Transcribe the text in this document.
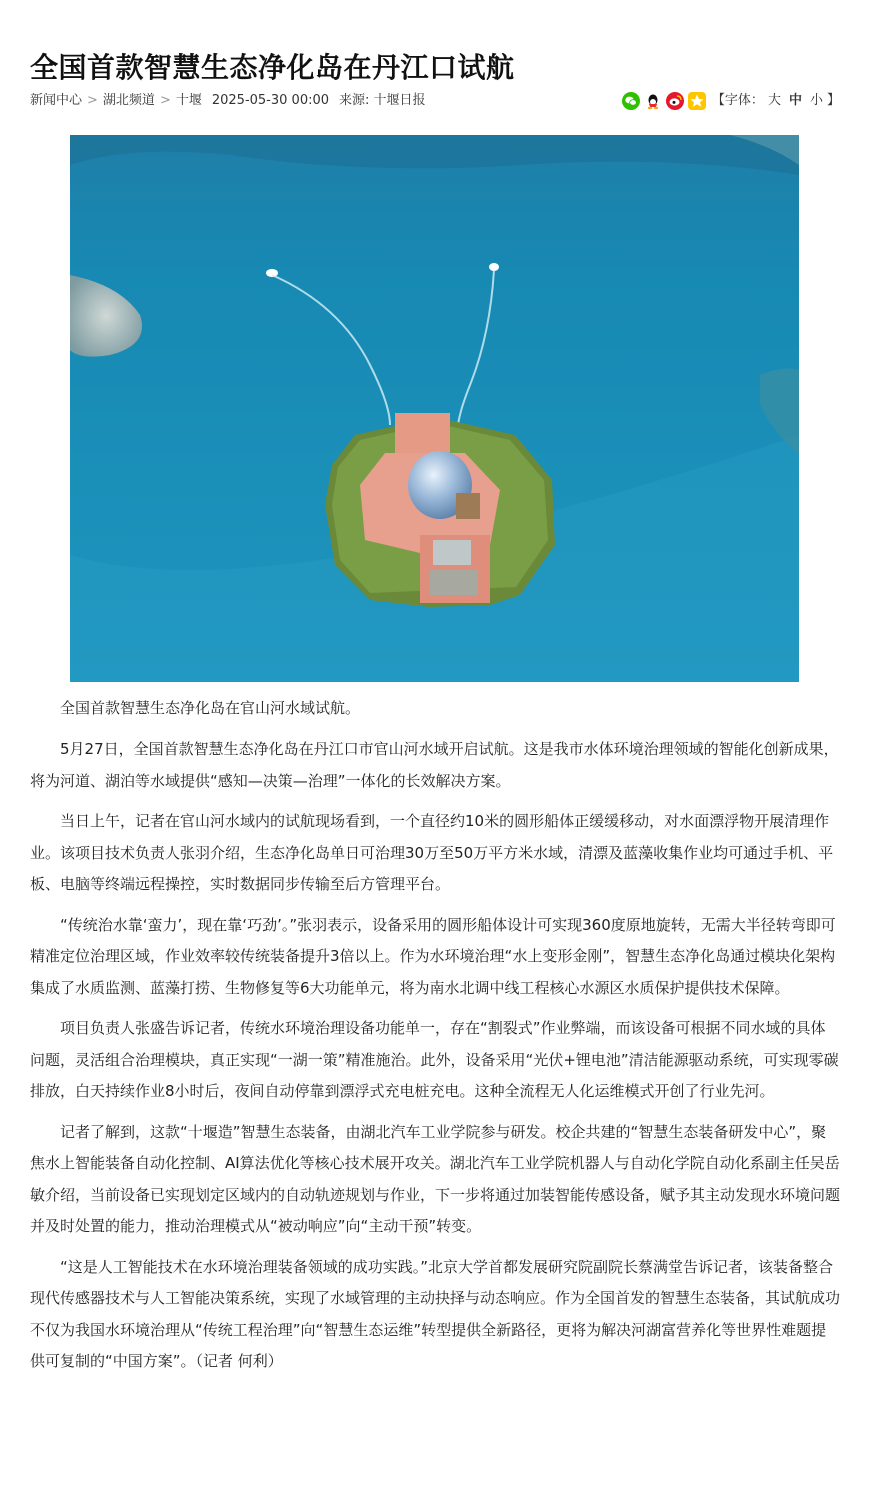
全国首款智慧生态净化岛在丹江口试航
新闻中心 > 湖北频道 > 十堰 2025-05-30 00:00 来源: 十堰日报	【字体： 大 中 小 】

全国首款智慧生态净化岛在官山河水域试航。

5月27日，全国首款智慧生态净化岛在丹江口市官山河水域开启试航。这是我市水体环境治理领域的智能化创新成果，将为河道、湖泊等水域提供“感知—决策—治理”一体化的长效解决方案。

当日上午，记者在官山河水域内的试航现场看到，一个直径约10米的圆形船体正缓缓移动，对水面漂浮物开展清理作业。该项目技术负责人张羽介绍，生态净化岛单日可治理30万至50万平方米水域，清漂及蓝藻收集作业均可通过手机、平板、电脑等终端远程操控，实时数据同步传输至后方管理平台。

“传统治水靠‘蛮力’，现在靠‘巧劲’。”张羽表示，设备采用的圆形船体设计可实现360度原地旋转，无需大半径转弯即可精准定位治理区域，作业效率较传统装备提升3倍以上。作为水环境治理“水上变形金刚”，智慧生态净化岛通过模块化架构集成了水质监测、蓝藻打捞、生物修复等6大功能单元，将为南水北调中线工程核心水源区水质保护提供技术保障。

项目负责人张盛告诉记者，传统水环境治理设备功能单一，存在“割裂式”作业弊端，而该设备可根据不同水域的具体问题，灵活组合治理模块，真正实现“一湖一策”精准施治。此外，设备采用“光伏+锂电池”清洁能源驱动系统，可实现零碳排放，白天持续作业8小时后，夜间自动停靠到漂浮式充电桩充电。这种全流程无人化运维模式开创了行业先河。

记者了解到，这款“十堰造”智慧生态装备，由湖北汽车工业学院参与研发。校企共建的“智慧生态装备研发中心”，聚焦水上智能装备自动化控制、AI算法优化等核心技术展开攻关。湖北汽车工业学院机器人与自动化学院自动化系副主任吴岳敏介绍，当前设备已实现划定区域内的自动轨迹规划与作业，下一步将通过加装智能传感设备，赋予其主动发现水环境问题并及时处置的能力，推动治理模式从“被动响应”向“主动干预”转变。

“这是人工智能技术在水环境治理装备领域的成功实践。”北京大学首都发展研究院副院长蔡满堂告诉记者，该装备整合现代传感器技术与人工智能决策系统，实现了水域管理的主动抉择与动态响应。作为全国首发的智慧生态装备，其试航成功不仅为我国水环境治理从“传统工程治理”向“智慧生态运维”转型提供全新路径，更将为解决河湖富营养化等世界性难题提供可复制的“中国方案”。（记者 何利）
